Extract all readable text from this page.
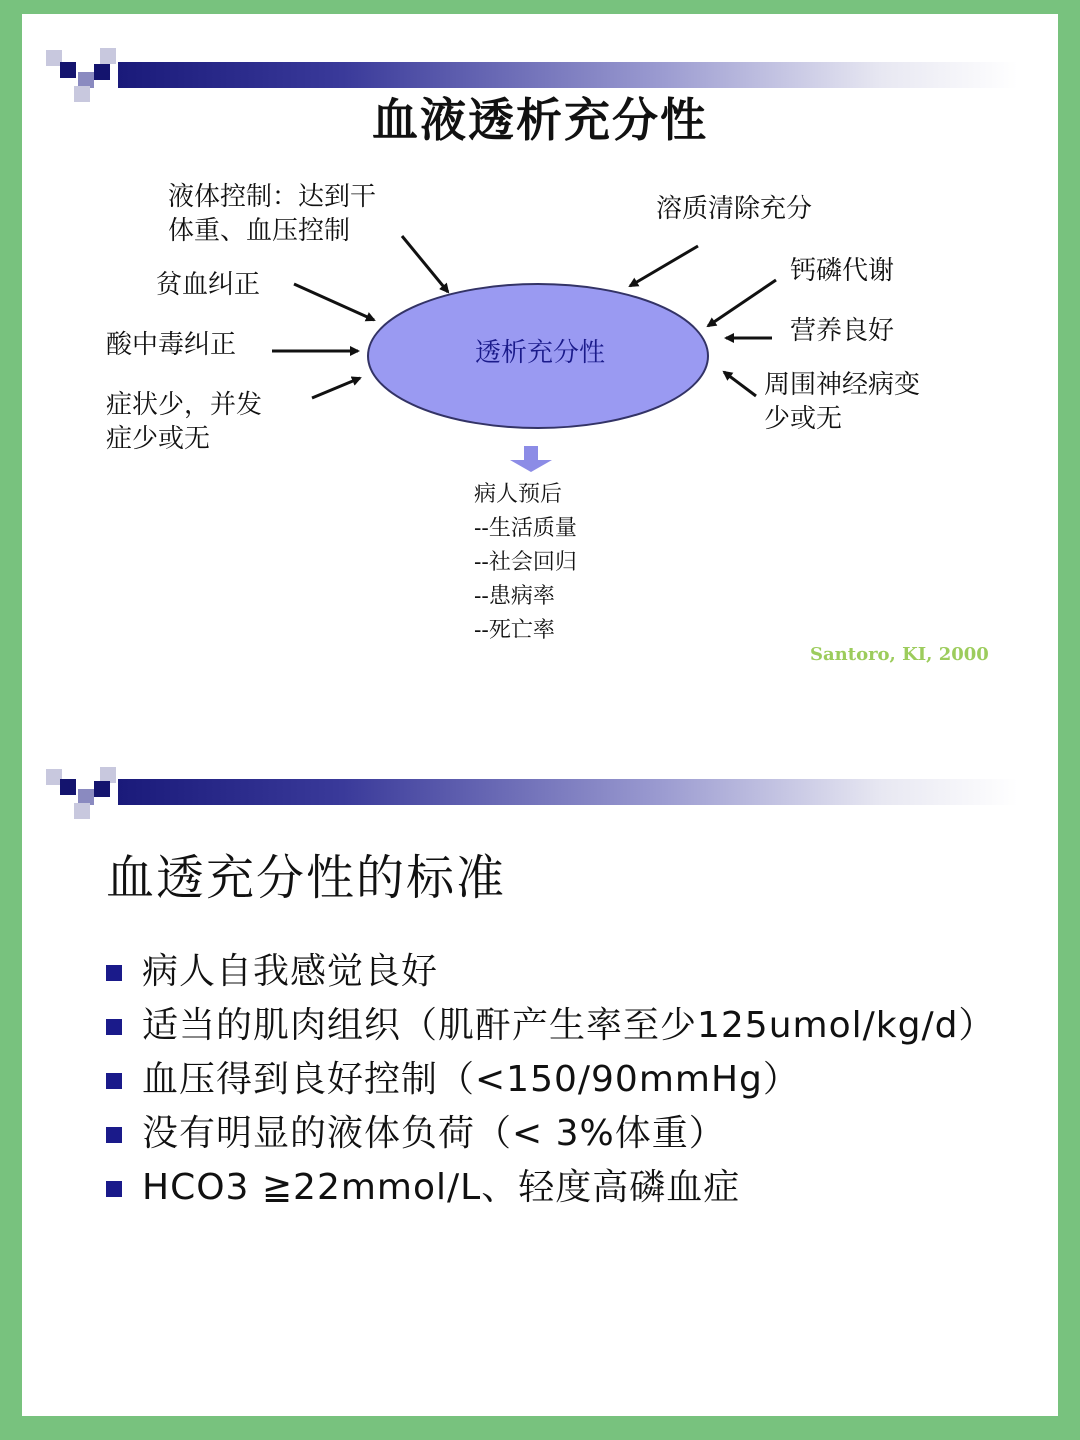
血液透析充分性
透析充分性
液体控制：达到干
体重、血压控制
贫血纠正
酸中毒纠正
症状少，并发
症少或无
溶质清除充分
钙磷代谢
营养良好
周围神经病变
少或无
病人预后
--生活质量
--社会回归
--患病率
--死亡率
Santoro, KI, 2000
血透充分性的标准
病人自我感觉良好
适当的肌肉组织（肌酐产生率至少125umol/kg/d）
血压得到良好控制（<150/90mmHg）
没有明显的液体负荷（< 3%体重）
HCO3 ≧22mmol/L、轻度高磷血症
